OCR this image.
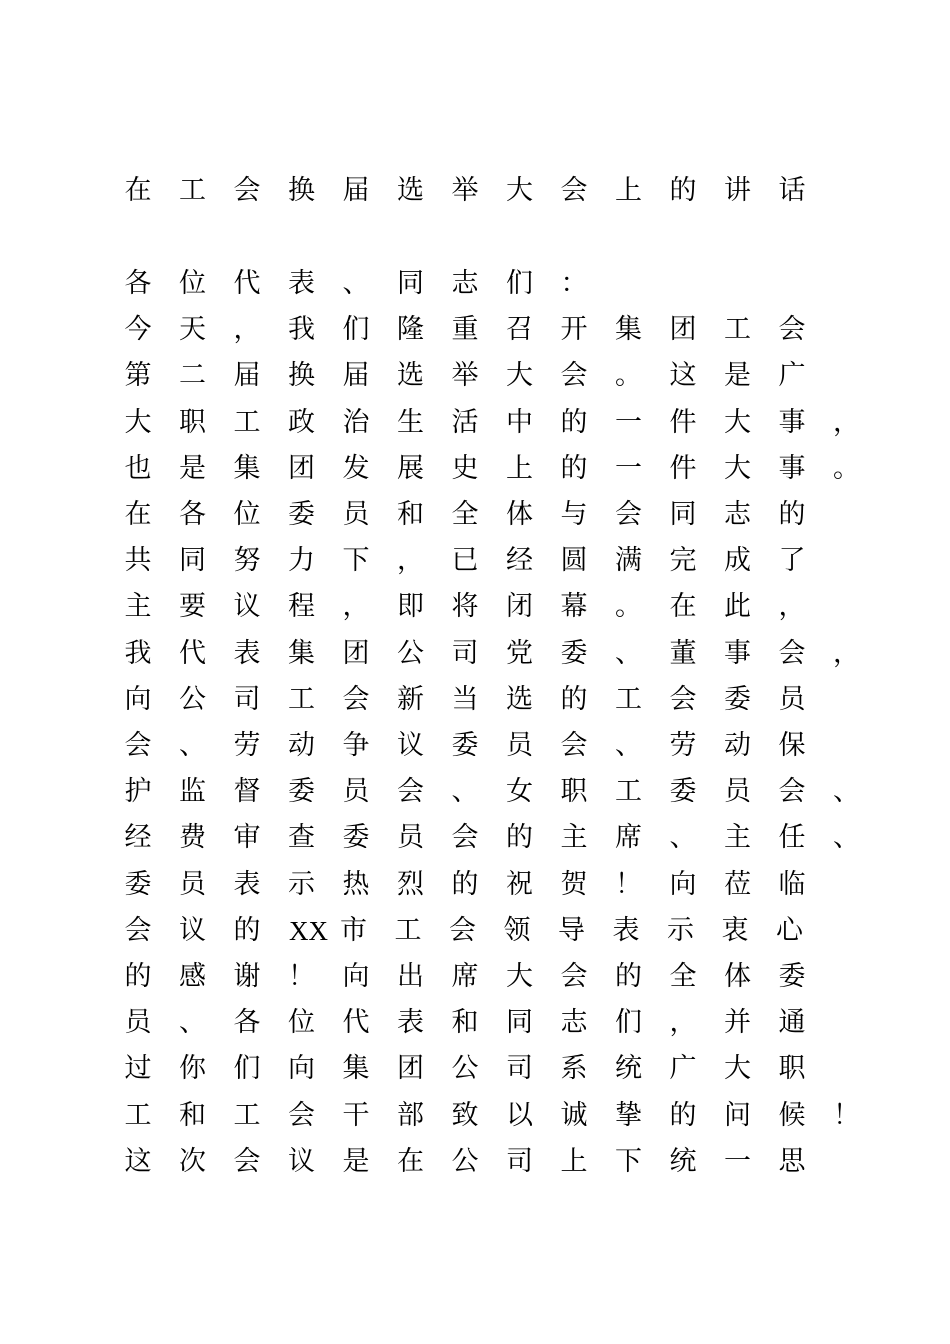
在 工 会 换 届 选 举 大 会 上 的 讲 话
各 位 代 表 、 同 志 们 ：
今 天 ， 我 们 隆 重 召 开 集 团 工 会
第 二 届 换 届 选 举 大 会 。 这 是 广
大 职 工 政 治 生 活 中 的 一 件 大 事 ，
也 是 集 团 发 展 史 上 的 一 件 大 事 。
在 各 位 委 员 和 全 体 与 会 同 志 的
共 同 努 力 下 ， 已 经 圆 满 完 成 了
主 要 议 程 ， 即 将 闭 幕 。 在 此 ，
我 代 表 集 团 公 司 党 委 、 董 事 会 ，
向 公 司 工 会 新 当 选 的 工 会 委 员
会 、 劳 动 争 议 委 员 会 、 劳 动 保
护 监 督 委 员 会 、 女 职 工 委 员 会 、
经 费 审 查 委 员 会 的 主 席 、 主 任 、
委 员 表 示 热 烈 的 祝 贺 ！ 向 莅 临
会 议 的 XX 市 工 会 领 导 表 示 衷 心
的 感 谢 ！ 向 出 席 大 会 的 全 体 委
员 、 各 位 代 表 和 同 志 们 ， 并 通
过 你 们 向 集 团 公 司 系 统 广 大 职
工 和 工 会 干 部 致 以 诚 挚 的 问 候 ！
这 次 会 议 是 在 公 司 上 下 统 一 思
